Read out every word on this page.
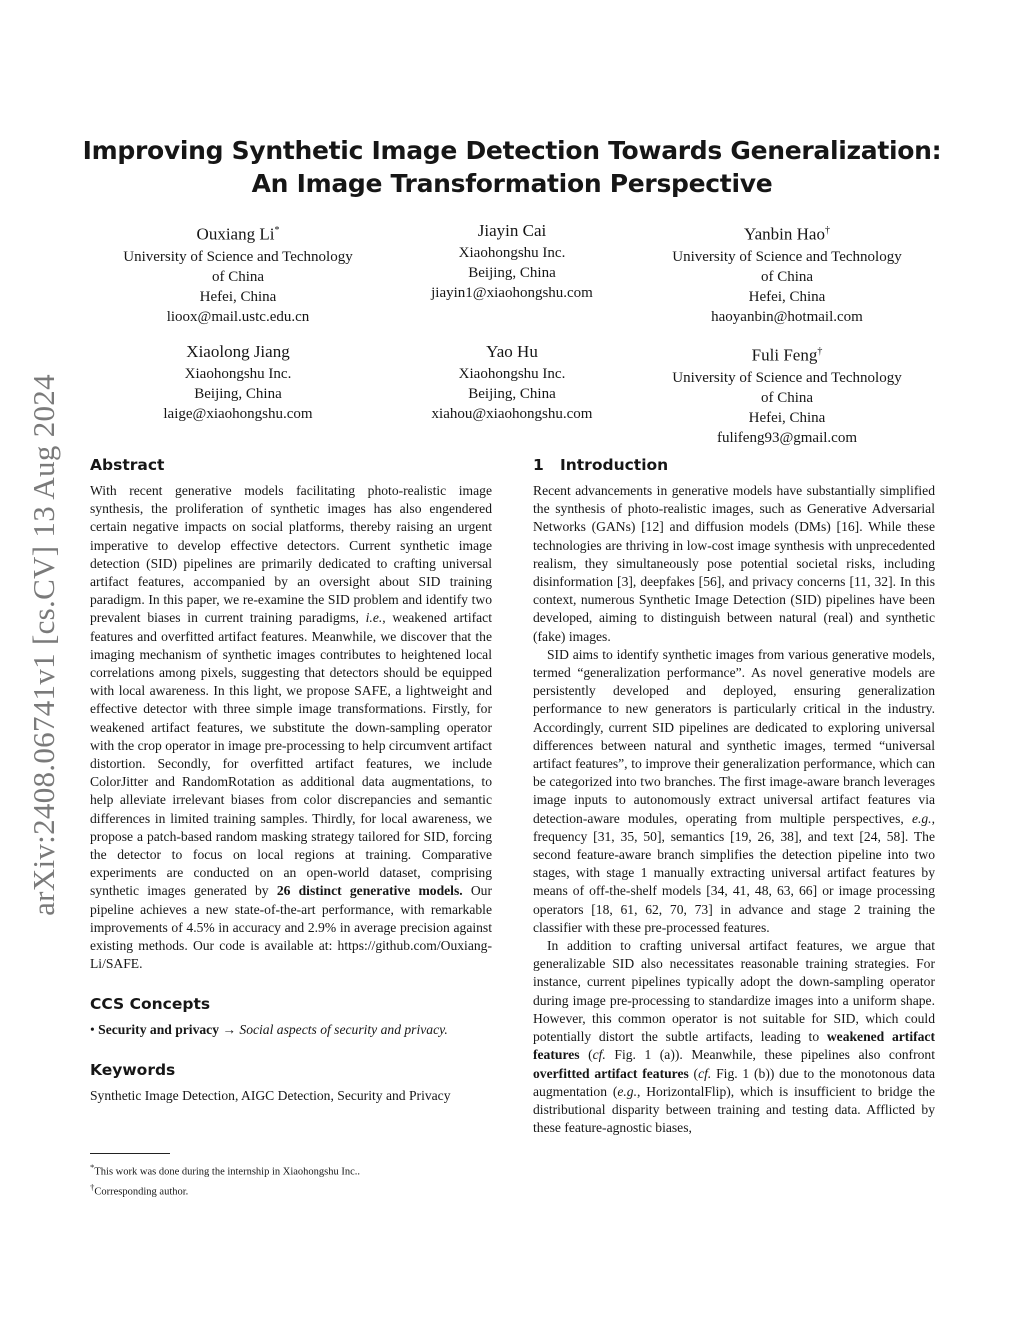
arXiv:2408.06741v1 [cs.CV] 13 Aug 2024
Improving Synthetic Image Detection Towards Generalization:
An Image Transformation Perspective
Ouxiang Li*
University of Science and Technology
of China
Hefei, China
lioox@mail.ustc.edu.cn
Jiayin Cai
Xiaohongshu Inc.
Beijing, China
jiayin1@xiaohongshu.com
Yanbin Hao†
University of Science and Technology
of China
Hefei, China
haoyanbin@hotmail.com
Xiaolong Jiang
Xiaohongshu Inc.
Beijing, China
laige@xiaohongshu.com
Yao Hu
Xiaohongshu Inc.
Beijing, China
xiahou@xiaohongshu.com
Fuli Feng†
University of Science and Technology
of China
Hefei, China
fulifeng93@gmail.com
Abstract

With recent generative models facilitating photo-realistic image synthesis, the proliferation of synthetic images has also engendered certain negative impacts on social platforms, thereby raising an urgent imperative to develop effective detectors. Current synthetic image detection (SID) pipelines are primarily dedicated to crafting universal artifact features, accompanied by an oversight about SID training paradigm. In this paper, we re-examine the SID problem and identify two prevalent biases in current training paradigms, i.e., weakened artifact features and overfitted artifact features. Meanwhile, we discover that the imaging mechanism of synthetic images contributes to heightened local correlations among pixels, suggesting that detectors should be equipped with local awareness. In this light, we propose SAFE, a lightweight and effective detector with three simple image transformations. Firstly, for weakened artifact features, we substitute the down-sampling operator with the crop operator in image pre-processing to help circumvent artifact distortion. Secondly, for overfitted artifact features, we include ColorJitter and RandomRotation as additional data augmentations, to help alleviate irrelevant biases from color discrepancies and semantic differences in limited training samples. Thirdly, for local awareness, we propose a patch-based random masking strategy tailored for SID, forcing the detector to focus on local regions at training. Comparative experiments are conducted on an open-world dataset, comprising synthetic images generated by 26 distinct generative models. Our pipeline achieves a new state-of-the-art performance, with remarkable improvements of 4.5% in accuracy and 2.9% in average precision against existing methods. Our code is available at: https://github.com/Ouxiang-Li/SAFE.

CCS Concepts

• Security and privacy → Social aspects of security and privacy.

Keywords

Synthetic Image Detection, AIGC Detection, Security and Privacy

*This work was done during the internship in Xiaohongshu Inc..
†Corresponding author.
1   Introduction

Recent advancements in generative models have substantially simplified the synthesis of photo-realistic images, such as Generative Adversarial Networks (GANs) [12] and diffusion models (DMs) [16]. While these technologies are thriving in low-cost image synthesis with unprecedented realism, they simultaneously pose potential societal risks, including disinformation [3], deepfakes [56], and privacy concerns [11, 32]. In this context, numerous Synthetic Image Detection (SID) pipelines have been developed, aiming to distinguish between natural (real) and synthetic (fake) images.

SID aims to identify synthetic images from various generative models, termed “generalization performance”. As novel generative models are persistently developed and deployed, ensuring generalization performance to new generators is particularly critical in the industry. Accordingly, current SID pipelines are dedicated to exploring universal differences between natural and synthetic images, termed “universal artifact features”, to improve their generalization performance, which can be categorized into two branches. The first image-aware branch leverages image inputs to autonomously extract universal artifact features via detection-aware modules, operating from multiple perspectives, e.g., frequency [31, 35, 50], semantics [19, 26, 38], and text [24, 58]. The second feature-aware branch simplifies the detection pipeline into two stages, with stage 1 manually extracting universal artifact features by means of off-the-shelf models [34, 41, 48, 63, 66] or image processing operators [18, 61, 62, 70, 73] in advance and stage 2 training the classifier with these pre-processed features.

In addition to crafting universal artifact features, we argue that generalizable SID also necessitates reasonable training strategies. For instance, current pipelines typically adopt the down-sampling operator during image pre-processing to standardize images into a uniform shape. However, this common operator is not suitable for SID, which could potentially distort the subtle artifacts, leading to weakened artifact features (cf. Fig. 1 (a)). Meanwhile, these pipelines also confront overfitted artifact features (cf. Fig. 1 (b)) due to the monotonous data augmentation (e.g., HorizontalFlip), which is insufficient to bridge the distributional disparity between training and testing data. Afflicted by these feature-agnostic biases,
